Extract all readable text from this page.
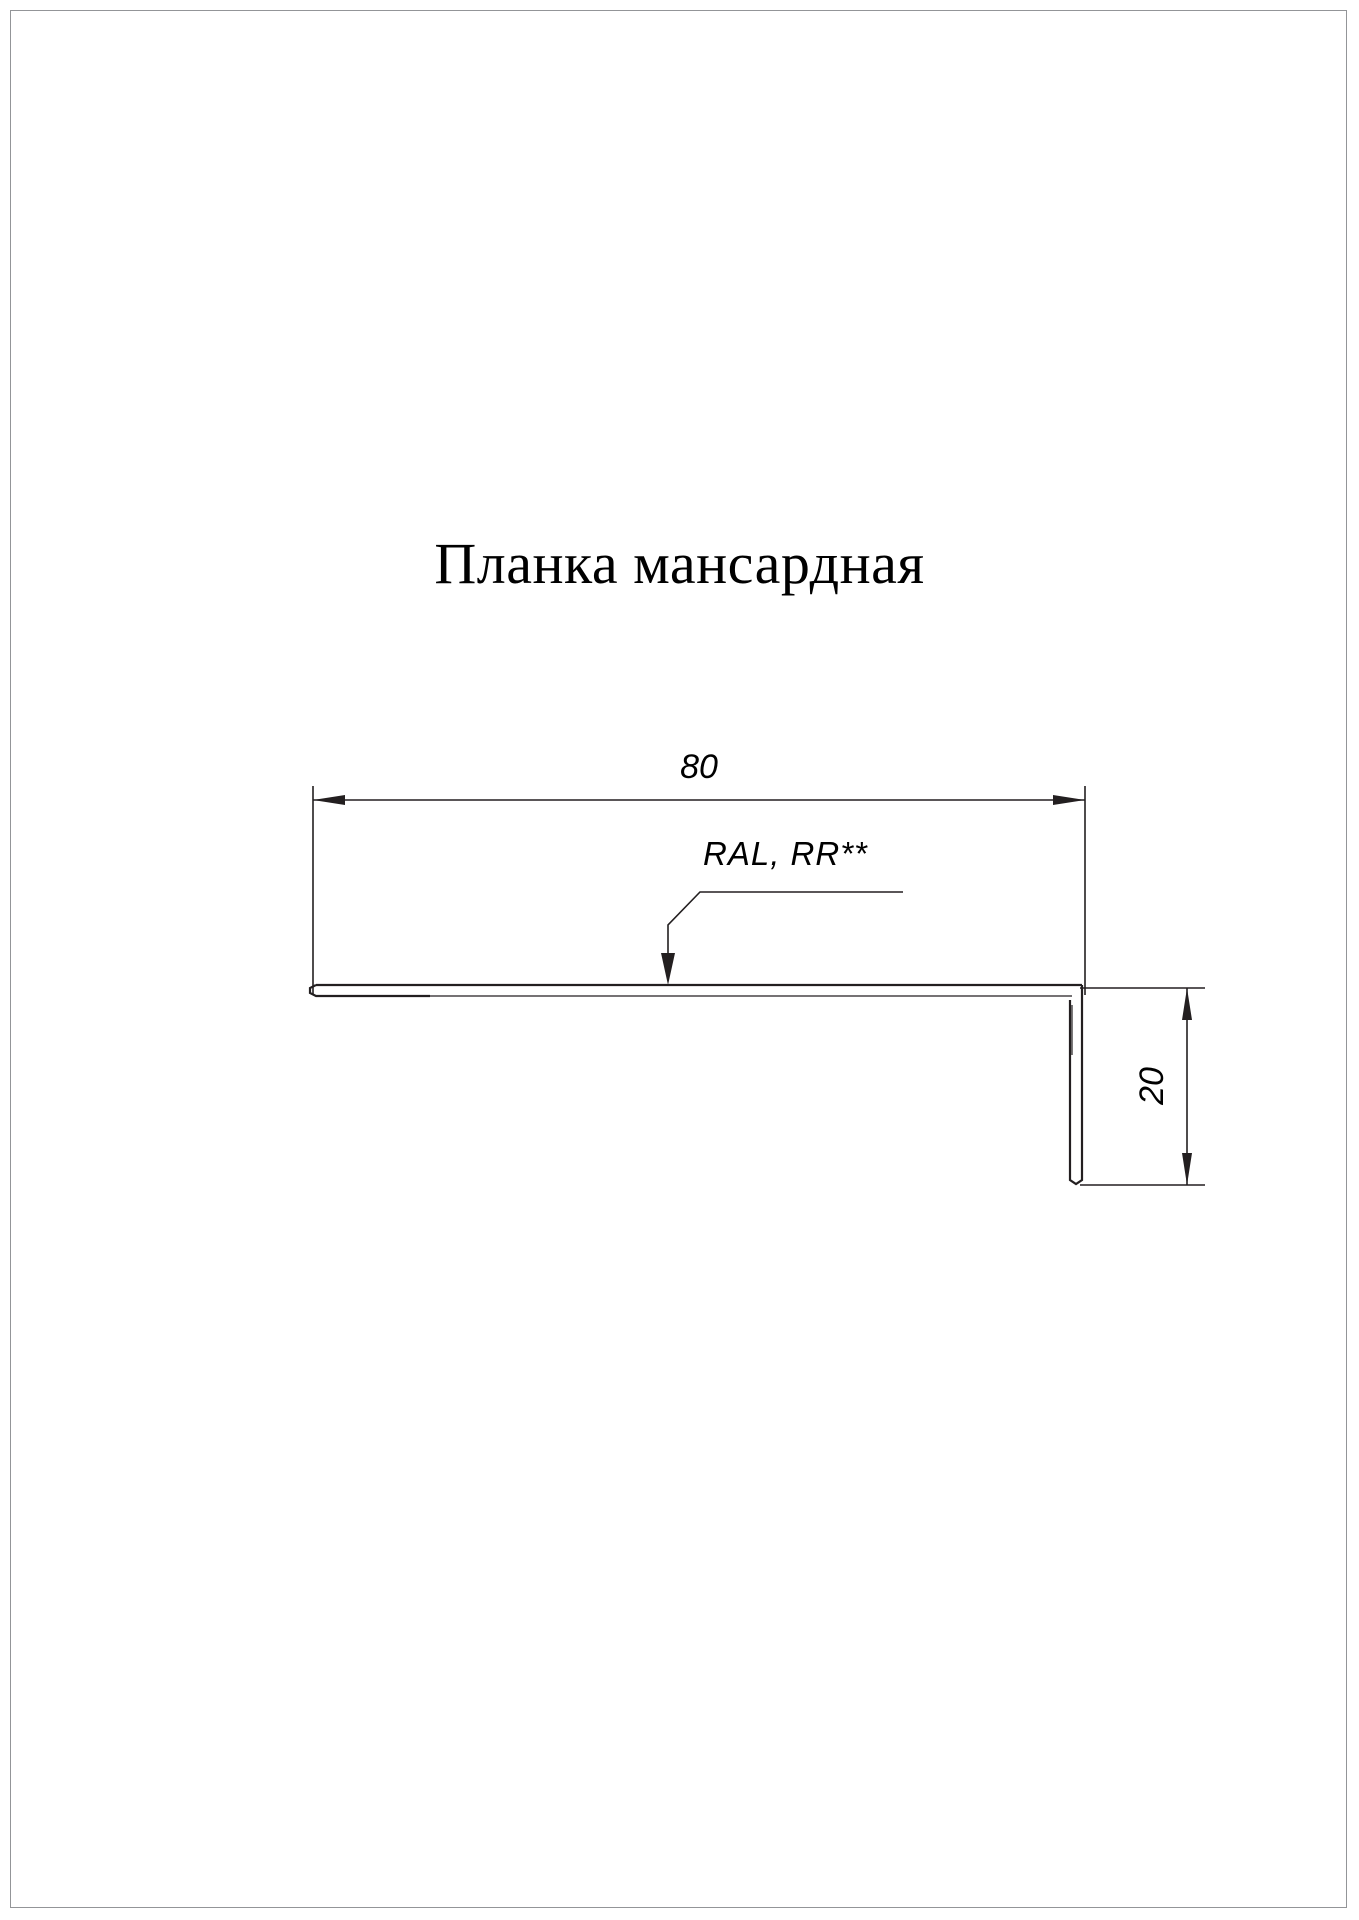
Планка мансардная
80
20
RAL, RR**
